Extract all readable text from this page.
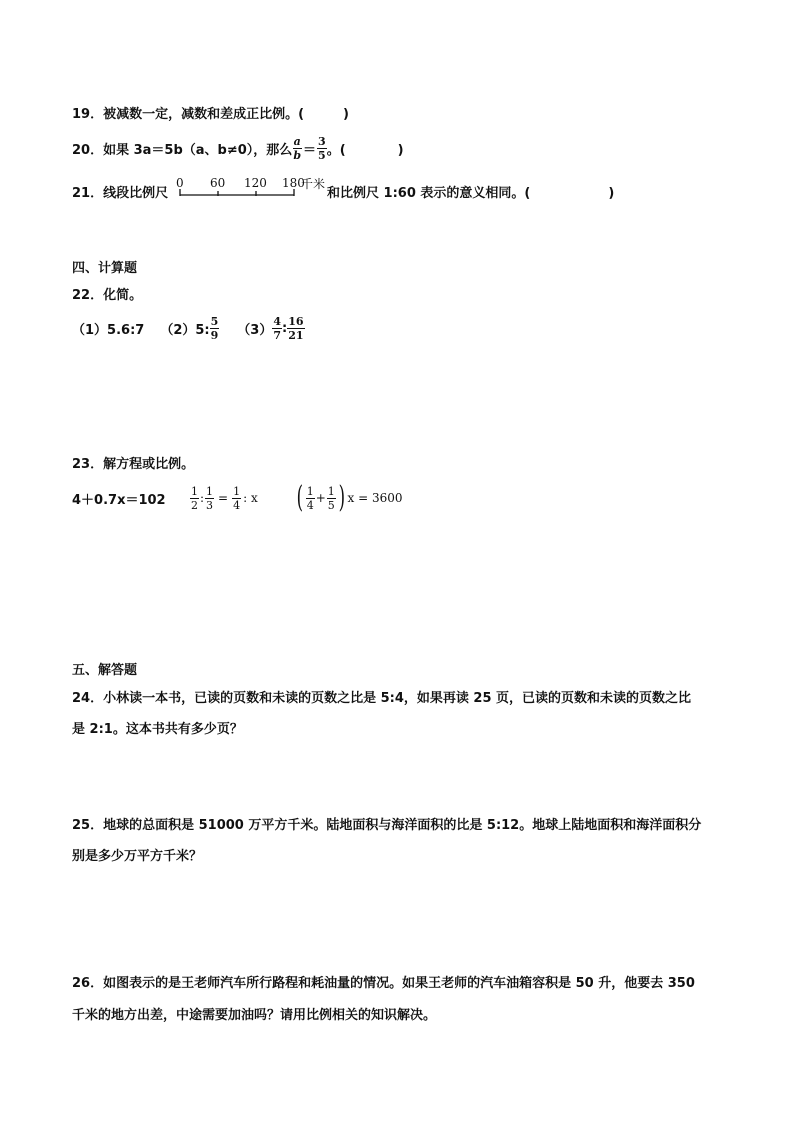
19．被减数一定，减数和差成正比例。(　　　)
20．如果 3a＝5b（a、b≠0），那么 $\frac{a}{b} = \frac{3}{5}$ 。(　　　　)
21．线段比例尺
0 60 120 180
千米
和比例尺 1:60 表示的意义相同。(　　　　　　)
四、计算题
22．化简。
（1）5.6:7 （2）5: $\frac{5}{9} (3) \frac{4}{7}$ : $\frac{16}{21}$
23．解方程或比例。
$4+0.7x=102 \frac{1}{2}$ : $\frac{1}{3} = \frac{1}{4}$ : x ( $\frac{1}{4} + \frac{1}{5}$ ) x = 3600
五、解答题
24．小林读一本书，已读的页数和未读的页数之比是 5:4，如果再读 25 页，已读的页数和未读的页数之比
是 2:1。这本书共有多少页？
25．地球的总面积是 51000 万平方千米。陆地面积与海洋面积的比是 5:12。地球上陆地面积和海洋面积分
别是多少万平方千米？
26．如图表示的是王老师汽车所行路程和耗油量的情况。如果王老师的汽车油箱容积是 50 升，他要去 350
千米的地方出差，中途需要加油吗？请用比例相关的知识解决。
